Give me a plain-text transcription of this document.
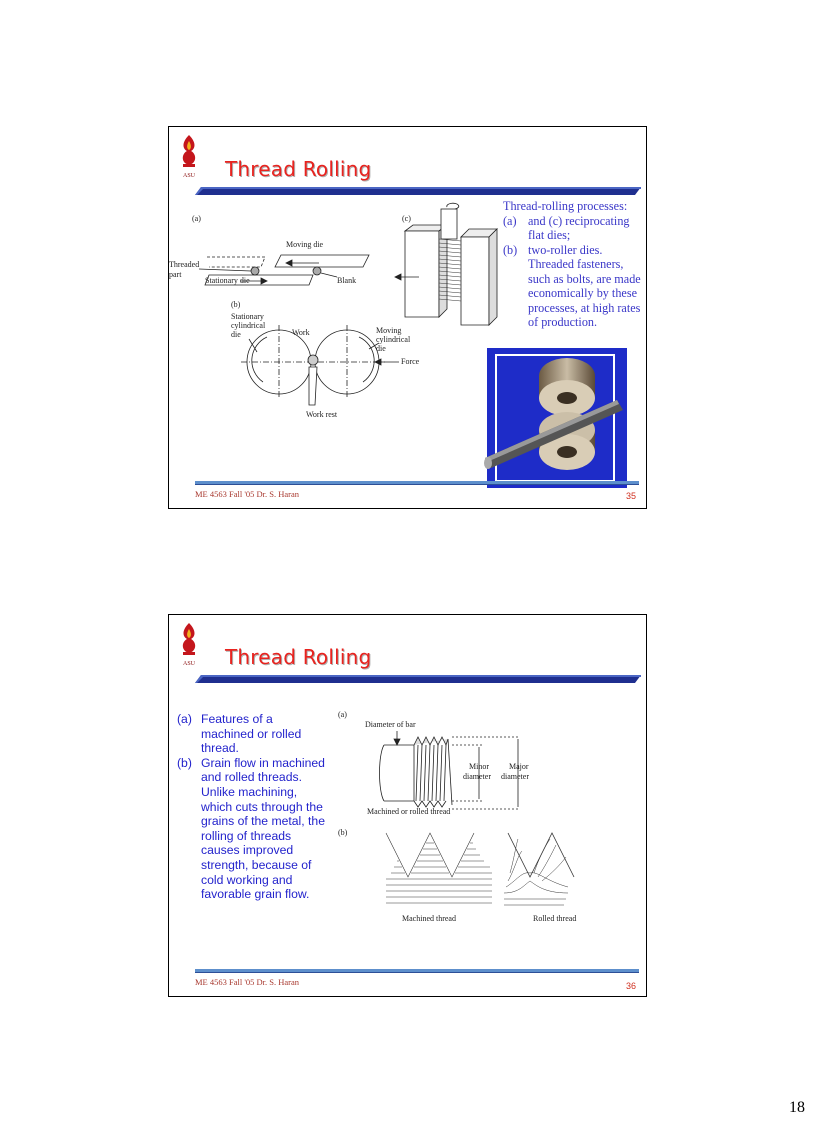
ASU Thread Rolling
(a)
Moving die
Threaded
part
Stationary die	Blank
(c)
(b)
Stationary
cylindrical
die	Work	Moving
cylindrical
die
Force
Work rest
Thread-rolling processes:
(a) and (c) reciprocating flat dies;
(b) two-roller dies. Threaded fasteners, such as bolts, are made economically by these processes, at high rates of production.
ME 4563 Fall '05 Dr. S. Haran	35
ASU Thread Rolling
(a) Features of a machined or rolled thread.
(b) Grain flow in machined and rolled threads. Unlike machining, which cuts through the grains of the metal, the rolling of threads causes improved strength, because of cold working and favorable grain flow.
(a)
Diameter of bar
Minor
diameter
Major
diameter
Machined or rolled thread
(b)
Machined thread	Rolled thread
ME 4563 Fall '05 Dr. S. Haran	36
18
